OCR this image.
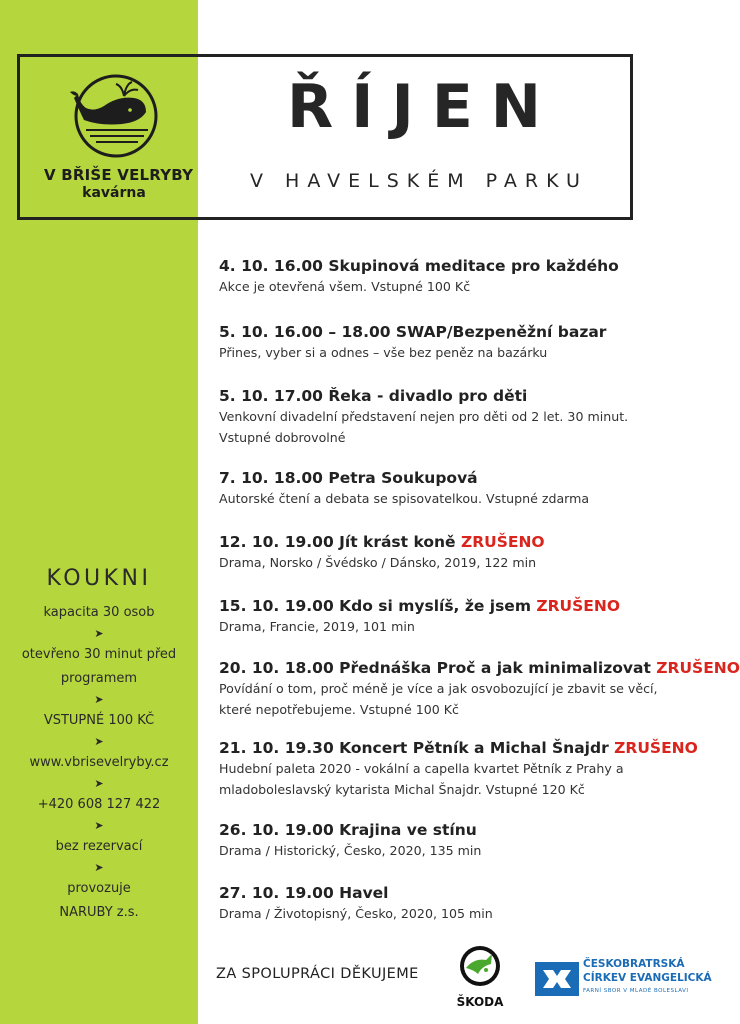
V BŘIŠE VELRYBY
kavárna
ŘÍJEN
V HAVELSKÉM PARKU
4. 10. 16.00 Skupinová meditace pro každého
Akce je otevřená všem. Vstupné 100 Kč
5. 10. 16.00 – 18.00 SWAP/Bezpeněžní bazar
Přines, vyber si a odnes – vše bez peněz na bazárku
5. 10. 17.00 Řeka - divadlo pro děti
Venkovní divadelní představení nejen pro děti od 2 let. 30 minut.
Vstupné dobrovolné
7. 10. 18.00 Petra Soukupová
Autorské čtení a debata se spisovatelkou. Vstupné zdarma
12. 10. 19.00 Jít krást koně ZRUŠENO
Drama, Norsko / Švédsko / Dánsko, 2019, 122 min
15. 10. 19.00 Kdo si myslíš, že jsem ZRUŠENO
Drama, Francie, 2019, 101 min
20. 10. 18.00 Přednáška Proč a jak minimalizovat ZRUŠENO
Povídání o tom, proč méně je více a jak osvobozující je zbavit se věcí,
které nepotřebujeme. Vstupné 100 Kč
21. 10. 19.30 Koncert Pětník a Michal Šnajdr ZRUŠENO
Hudební paleta 2020 - vokální a capella kvartet Pětník z Prahy a
mladoboleslavský kytarista Michal Šnajdr. Vstupné 120 Kč
26. 10. 19.00 Krajina ve stínu
Drama / Historický, Česko, 2020, 135 min
27. 10. 19.00 Havel
Drama / Životopisný, Česko, 2020, 105 min
KOUKNI
kapacita 30 osob
➤
otevřeno 30 minut před
programem
➤
VSTUPNÉ 100 KČ
➤
www.vbrisevelryby.cz
➤
+420 608 127 422
➤
bez rezervací
➤
provozuje
NARUBY z.s.
ZA SPOLUPRÁCI DĚKUJEME
ŠKODA
ČESKOBRATRSKÁ
CÍRKEV EVANGELICKÁ
FARNÍ SBOR V MLADÉ BOLESLAVI
